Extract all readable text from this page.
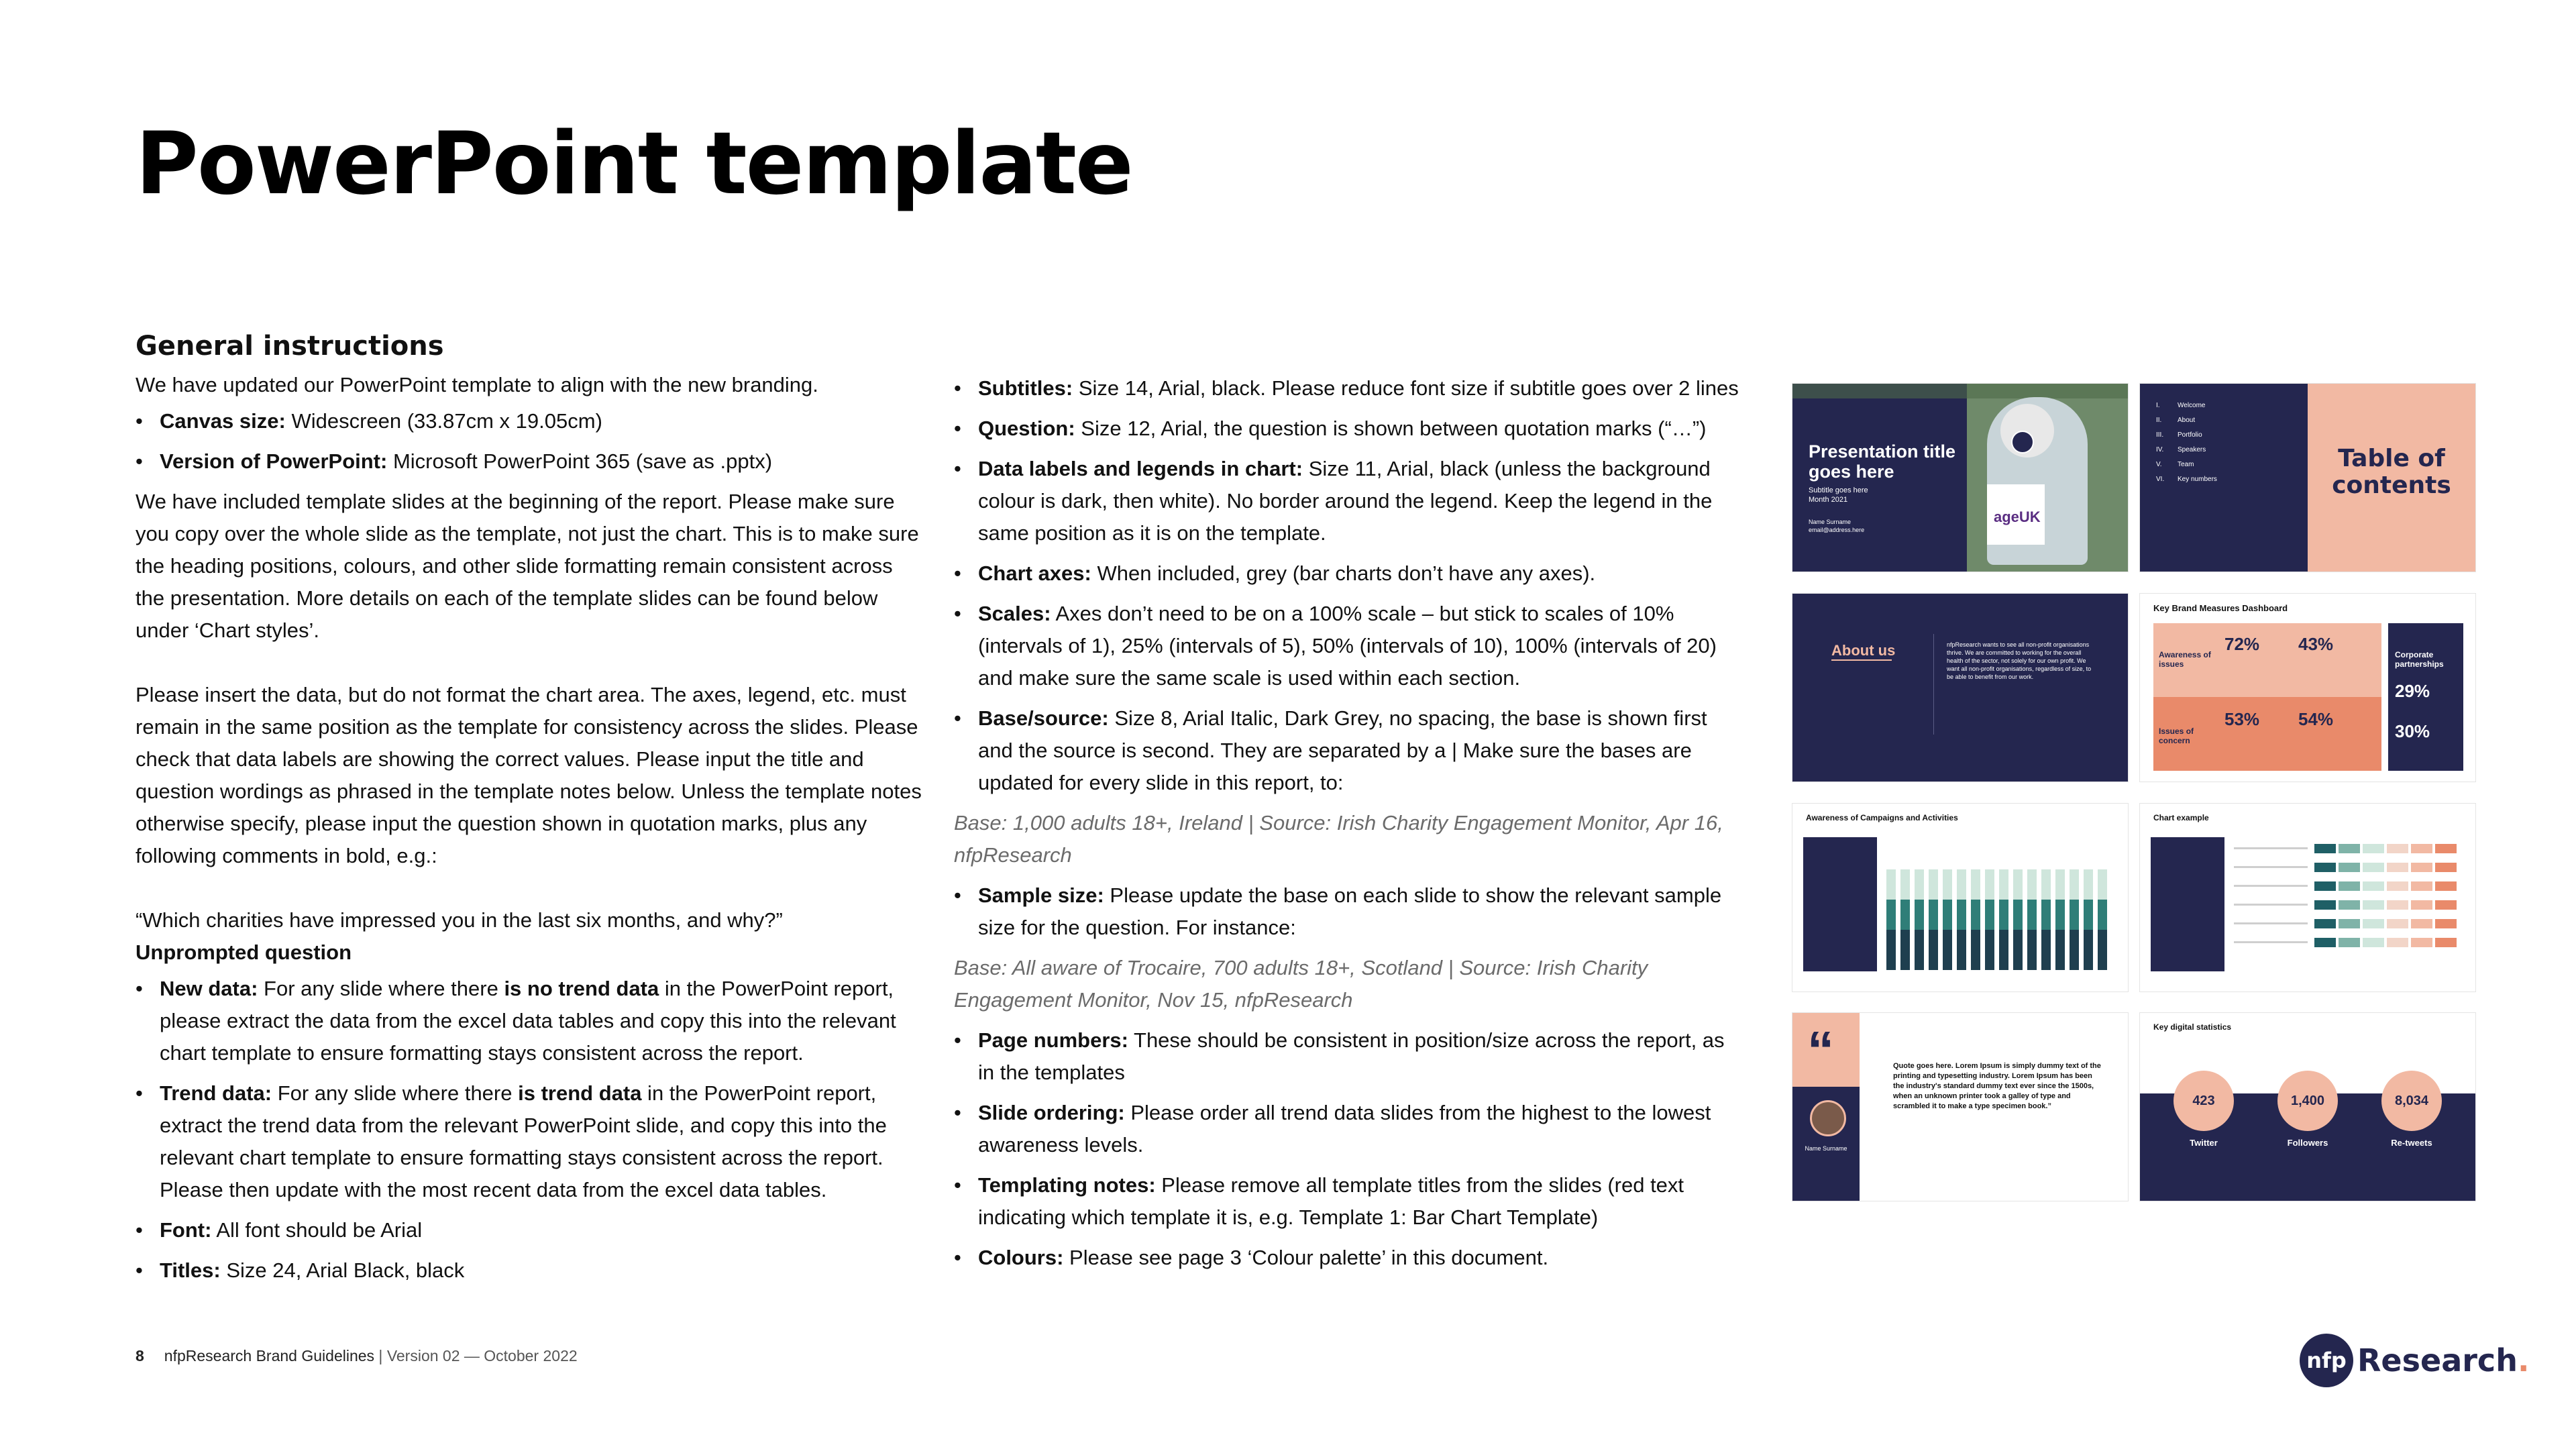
PowerPoint template
General instructions

We have updated our PowerPoint template to align with the new branding.

• Canvas size: Widescreen (33.87cm x 19.05cm)
• Version of PowerPoint: Microsoft PowerPoint 365 (save as .pptx)

We have included template slides at the beginning of the report. Please make sure you copy over the whole slide as the template, not just the chart. This is to make sure the heading positions, colours, and other slide formatting remain consistent across the presentation. More details on each of the template slides can be found below under ‘Chart styles’.

Please insert the data, but do not format the chart area. The axes, legend, etc. must remain in the same position as the template for consistency across the slides. Please check that data labels are showing the correct values. Please input the title and question wordings as phrased in the template notes below. Unless the template notes otherwise specify, please input the question shown in quotation marks, plus any following comments in bold, e.g.:

“Which charities have impressed you in the last six months, and why?”

Unprompted question

• New data: For any slide where there is no trend data in the PowerPoint report, please extract the data from the excel data tables and copy this into the relevant chart template to ensure formatting stays consistent across the report.
• Trend data: For any slide where there is trend data in the PowerPoint report, extract the trend data from the relevant PowerPoint slide, and copy this into the relevant chart template to ensure formatting stays consistent across the report. Please then update with the most recent data from the excel data tables.
• Font: All font should be Arial
• Titles: Size 24, Arial Black, black
• Subtitles: Size 14, Arial, black. Please reduce font size if subtitle goes over 2 lines
• Question: Size 12, Arial, the question is shown between quotation marks (“…”)
• Data labels and legends in chart: Size 11, Arial, black (unless the background colour is dark, then white). No border around the legend. Keep the legend in the same position as it is on the template.
• Chart axes: When included, grey (bar charts don’t have any axes).
• Scales: Axes don’t need to be on a 100% scale – but stick to scales of 10% (intervals of 1), 25% (intervals of 5), 50% (intervals of 10), 100% (intervals of 20) and make sure the same scale is used within each section.
• Base/source: Size 8, Arial Italic, Dark Grey, no spacing, the base is shown first and the source is second. They are separated by a | Make sure the bases are updated for every slide in this report, to:

Base: 1,000 adults 18+, Ireland | Source: Irish Charity Engagement Monitor, Apr 16, nfpResearch

• Sample size: Please update the base on each slide to show the relevant sample size for the question. For instance:

Base: All aware of Trocaire, 700 adults 18+, Scotland | Source: Irish Charity Engagement Monitor, Nov 15, nfpResearch

• Page numbers: These should be consistent in position/size across the report, as in the templates
• Slide ordering: Please order all trend data slides from the highest to the lowest awareness levels.
• Templating notes: Please remove all template titles from the slides (red text indicating which template it is, e.g. Template 1: Bar Chart Template)
• Colours: Please see page 3 ‘Colour palette’ in this document.
Presentation title goes here
Subtitle goes here
Month 2021
Name Surname
email@address.here
ageUK
I.	Welcome
II.	About
III.	Portfolio
IV.	Speakers
V.	Team
VI.	Key numbers
Table of contents
About us	nfpResearch wants to see all non-profit organisations thrive. We are committed to working for the overall health of the sector, not solely for our own profit. We want all non-profit organisations, regardless of size, to be able to benefit from our work.
Key Brand Measures Dashboard
Awareness of issues
Issues of concern
72% 43%
53% 54%
Corporate partnerships
29%
30%
Awareness of Campaigns and Activities	Chart example
“
Name Surname
Quote goes here. Lorem Ipsum is simply dummy text of the printing and typesetting industry. Lorem Ipsum has been the industry's standard dummy text ever since the 1500s, when an unknown printer took a galley of type and scrambled it to make a type specimen book.”
Key digital statistics
423	1,400	8,034
Twitter	Followers	Re-tweets
8 nfpResearch Brand Guidelines | Version 02 — October 2022	nfp Research.
